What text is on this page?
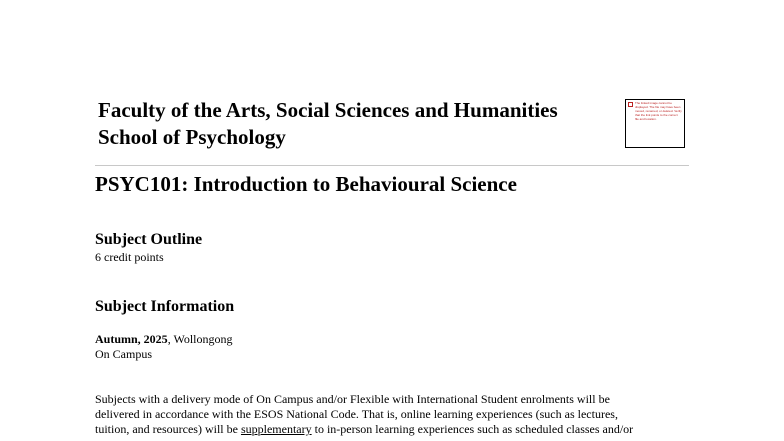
Faculty of the Arts, Social Sciences and Humanities
School of Psychology
The linked image cannot be displayed. The file may have been moved, renamed, or deleted. Verify that the link points to the correct file and location.
PSYC101: Introduction to Behavioural Science
Subject Outline
6 credit points
Subject Information
Autumn, 2025, Wollongong
On Campus
Subjects with a delivery mode of On Campus and/or Flexible with International Student enrolments will be
delivered in accordance with the ESOS National Code. That is, online learning experiences (such as lectures,
tuition, and resources) will be supplementary to in-person learning experiences such as scheduled classes and/or
